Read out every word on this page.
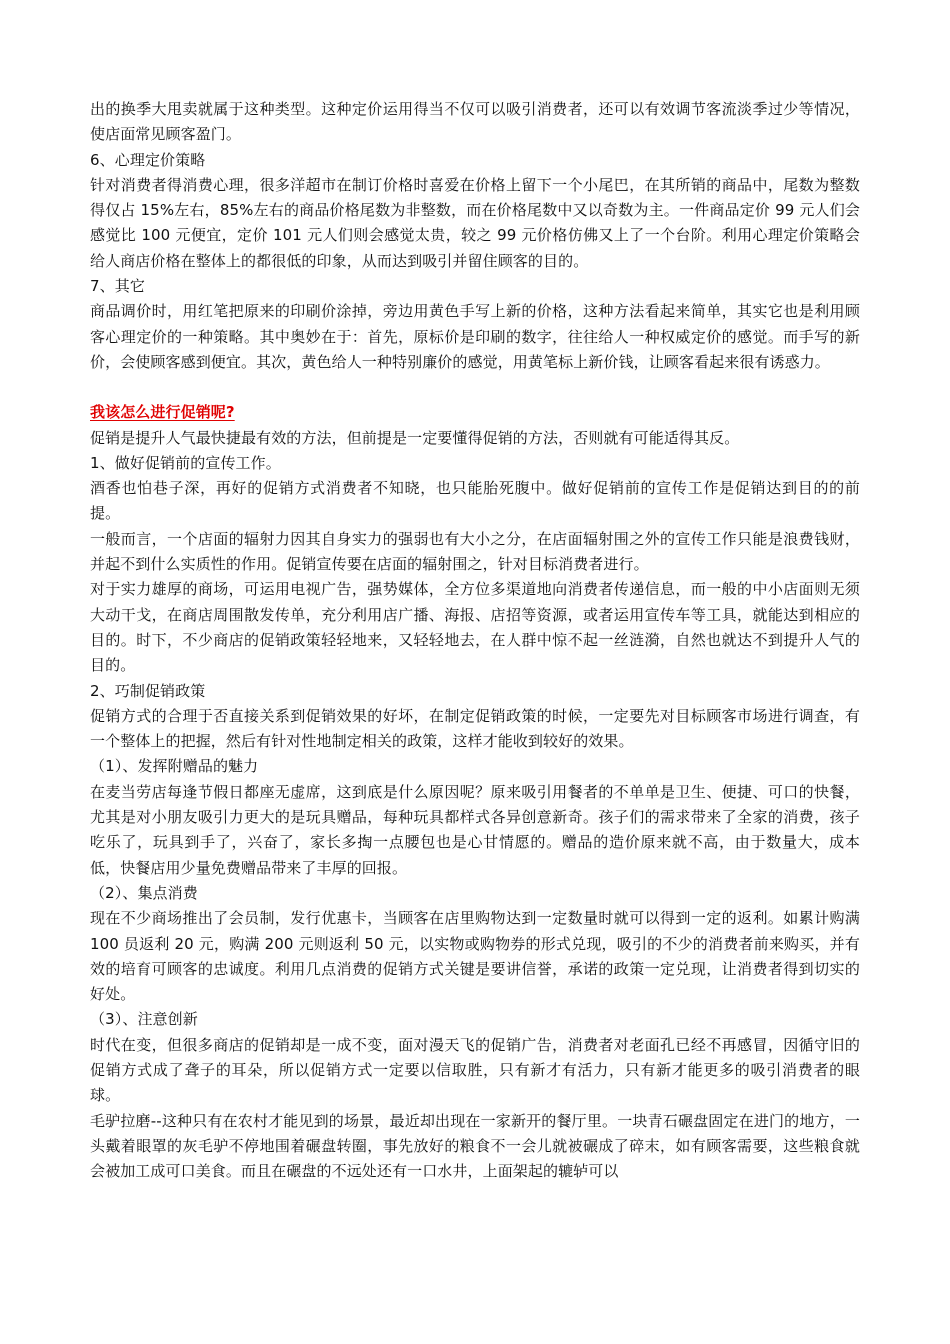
出的换季大甩卖就属于这种类型。这种定价运用得当不仅可以吸引消费者，还可以有效调节客流淡季过少等情况，使店面常见顾客盈门。

6、心理定价策略

针对消费者得消费心理，很多洋超市在制订价格时喜爱在价格上留下一个小尾巴，在其所销的商品中，尾数为整数得仅占 15%左右，85%左右的商品价格尾数为非整数，而在价格尾数中又以奇数为主。一件商品定价 99 元人们会感觉比 100 元便宜，定价 101 元人们则会感觉太贵，较之 99 元价格仿佛又上了一个台阶。利用心理定价策略会给人商店价格在整体上的都很低的印象，从而达到吸引并留住顾客的目的。

7、其它

商品调价时，用红笔把原来的印刷价涂掉，旁边用黄色手写上新的价格，这种方法看起来简单，其实它也是利用顾客心理定价的一种策略。其中奥妙在于：首先，原标价是印刷的数字，往往给人一种权威定价的感觉。而手写的新价，会使顾客感到便宜。其次，黄色给人一种特别廉价的感觉，用黄笔标上新价钱，让顾客看起来很有诱惑力。

我该怎么进行促销呢?

促销是提升人气最快捷最有效的方法，但前提是一定要懂得促销的方法，否则就有可能适得其反。

1、做好促销前的宣传工作。

酒香也怕巷子深，再好的促销方式消费者不知晓，也只能胎死腹中。做好促销前的宣传工作是促销达到目的的前提。

一般而言，一个店面的辐射力因其自身实力的强弱也有大小之分，在店面辐射围之外的宣传工作只能是浪费钱财，并起不到什么实质性的作用。促销宣传要在店面的辐射围之，针对目标消费者进行。

对于实力雄厚的商场，可运用电视广告，强势媒体，全方位多渠道地向消费者传递信息，而一般的中小店面则无须大动干戈，在商店周围散发传单，充分利用店广播、海报、店招等资源，或者运用宣传车等工具，就能达到相应的目的。时下，不少商店的促销政策轻轻地来，又轻轻地去，在人群中惊不起一丝涟漪，自然也就达不到提升人气的目的。

2、巧制促销政策

促销方式的合理于否直接关系到促销效果的好坏，在制定促销政策的时候，一定要先对目标顾客市场进行调查，有一个整体上的把握，然后有针对性地制定相关的政策，这样才能收到较好的效果。

（1）、发挥附赠品的魅力

在麦当劳店每逢节假日都座无虚席，这到底是什么原因呢？原来吸引用餐者的不单单是卫生、便捷、可口的快餐，尤其是对小朋友吸引力更大的是玩具赠品，每种玩具都样式各异创意新奇。孩子们的需求带来了全家的消费，孩子吃乐了，玩具到手了，兴奋了，家长多掏一点腰包也是心甘情愿的。赠品的造价原来就不高，由于数量大，成本低，快餐店用少量免费赠品带来了丰厚的回报。

（2）、集点消费

现在不少商场推出了会员制，发行优惠卡，当顾客在店里购物达到一定数量时就可以得到一定的返利。如累计购满 100 员返利 20 元，购满 200 元则返利 50 元，以实物或购物券的形式兑现，吸引的不少的消费者前来购买，并有效的培育可顾客的忠诚度。利用几点消费的促销方式关键是要讲信誉，承诺的政策一定兑现，让消费者得到切实的好处。

（3）、注意创新

时代在变，但很多商店的促销却是一成不变，面对漫天飞的促销广告，消费者对老面孔已经不再感冒，因循守旧的促销方式成了聋子的耳朵，所以促销方式一定要以信取胜，只有新才有活力，只有新才能更多的吸引消费者的眼球。

毛驴拉磨--这种只有在农村才能见到的场景，最近却出现在一家新开的餐厅里。一块青石碾盘固定在进门的地方，一头戴着眼罩的灰毛驴不停地围着碾盘转圈，事先放好的粮食不一会儿就被碾成了碎末，如有顾客需要，这些粮食就会被加工成可口美食。而且在碾盘的不远处还有一口水井，上面架起的辘轳可以
